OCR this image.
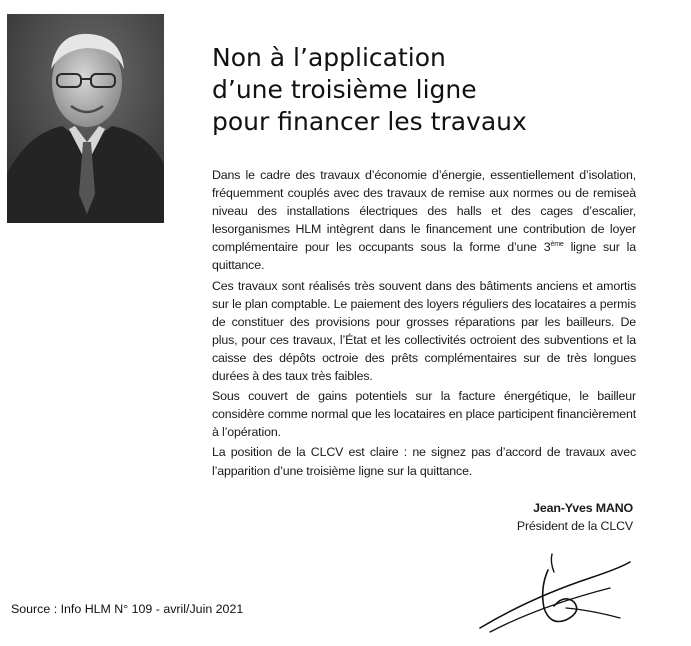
Non à l’application
d’une troisième ligne
pour financer les travaux

Dans le cadre des travaux d’économie d’énergie, essentiellement d’isolation, fréquemment couplés avec des travaux de remise aux normes ou de remiseà niveau des installations électriques des halls et des cages d’escalier, lesorganismes HLM intègrent dans le financement une contribution de loyer complémentaire pour les occupants sous la forme d’une 3ème ligne sur la quittance.

Ces travaux sont réalisés très souvent dans des bâtiments anciens et amortis sur le plan comptable. Le paiement des loyers réguliers des locataires a permis de constituer des provisions pour grosses réparations par les bailleurs. De plus, pour ces travaux, l’État et les collectivités octroient des subventions et la caisse des dépôts octroie des prêts complémentaires sur de très longues durées à des taux très faibles.

Sous couvert de gains potentiels sur la facture énergétique, le bailleur considère comme normal que les locataires en place participent financièrement à l’opération.

La position de la CLCV est claire : ne signez pas d’accord de travaux avec l’apparition d’une troisième ligne sur la quittance.

Jean-Yves MANO
Président de la CLCV
Source : Info HLM N° 109 - avril/Juin 2021
